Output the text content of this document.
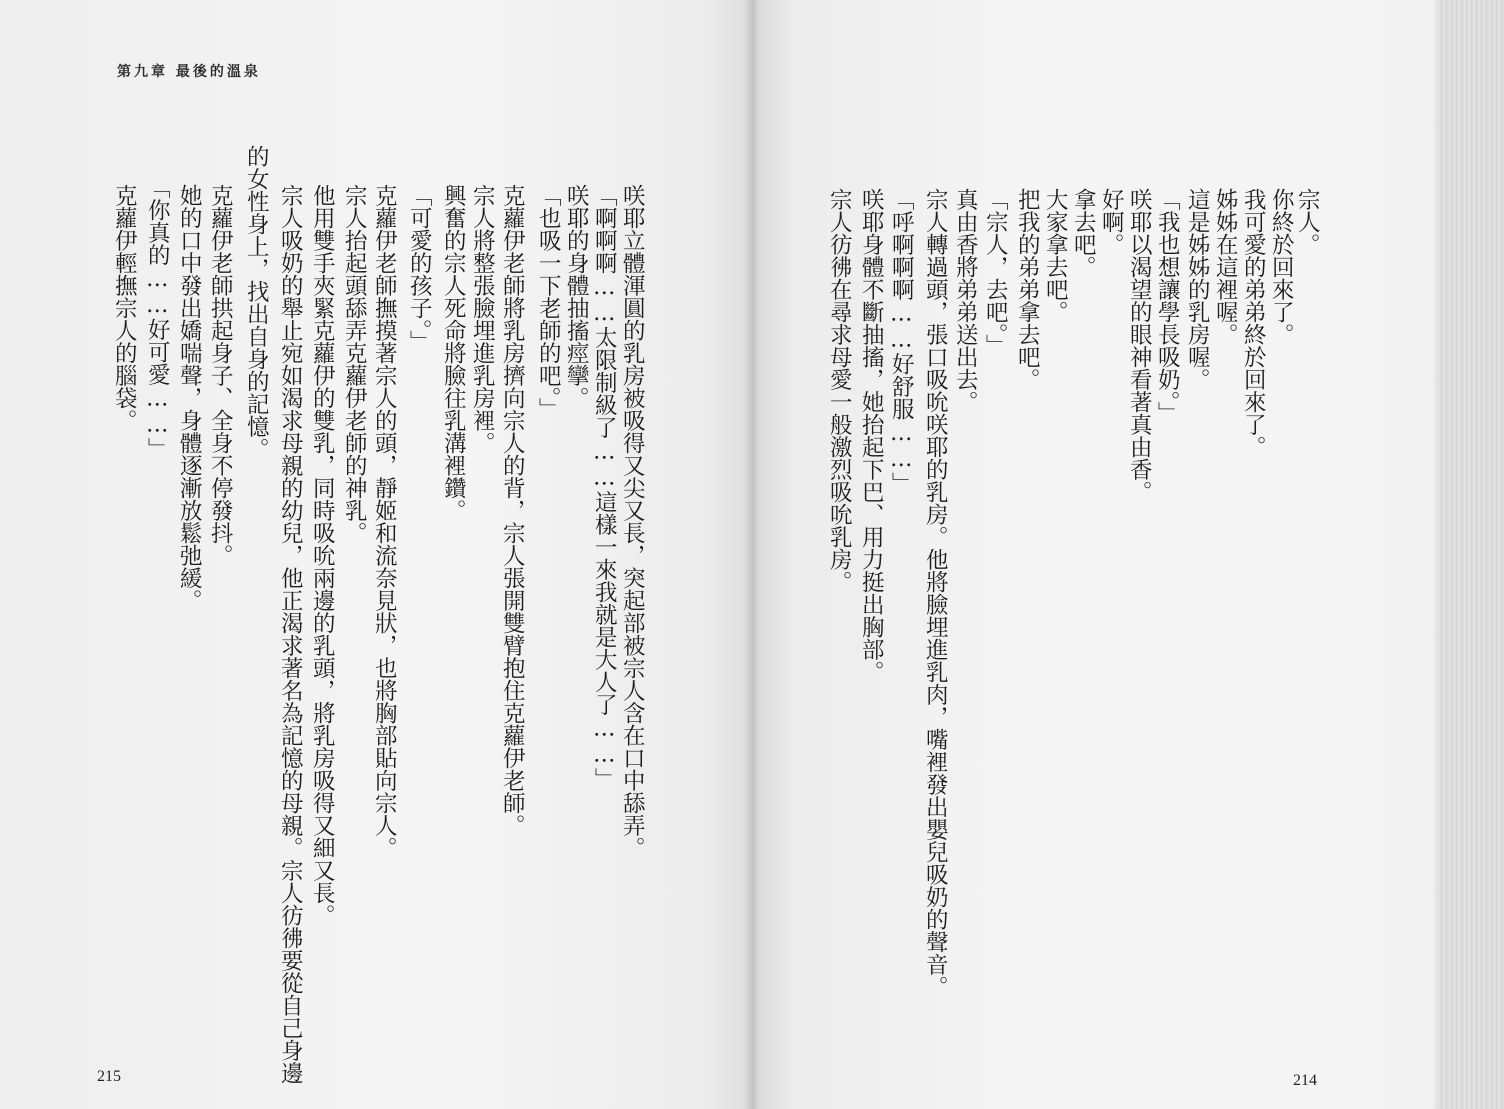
第九章 最後的溫泉
咲耶立體渾圓的乳房被吸得又尖又長，突起部被宗人含在口中舔弄。
「啊啊啊……太限制級了……這樣一來我就是大人了……」
咲耶的身體抽搐痙攣。
「也吸一下老師的吧。」
克蘿伊老師將乳房擠向宗人的背，宗人張開雙臂抱住克蘿伊老師。
宗人將整張臉埋進乳房裡。
興奮的宗人死命將臉往乳溝裡鑽。
「可愛的孩子。」
克蘿伊老師撫摸著宗人的頭，靜姬和流奈見狀，也將胸部貼向宗人。
宗人抬起頭舔弄克蘿伊老師的神乳。
他用雙手夾緊克蘿伊的雙乳，同時吸吮兩邊的乳頭，將乳房吸得又細又長。
宗人吸奶的舉止宛如渴求母親的幼兒，他正渴求著名為記憶的母親。宗人彷彿要從自己身邊
的女性身上，找出自身的記憶。
克蘿伊老師拱起身子、全身不停發抖。
她的口中發出嬌喘聲，身體逐漸放鬆弛緩。
「你真的……好可愛……」
克蘿伊輕撫宗人的腦袋。	宗人。
你終於回來了。
我可愛的弟弟終於回來了。
姊姊在這裡喔。
這是姊姊的乳房喔。
「我也想讓學長吸奶。」
咲耶以渴望的眼神看著真由香。
好啊。
拿去吧。
大家拿去吧。
把我的弟弟拿去吧。
「宗人，去吧。」
真由香將弟弟送出去。
宗人轉過頭，張口吸吮咲耶的乳房。他將臉埋進乳肉，嘴裡發出嬰兒吸奶的聲音。
「呼啊啊啊……好舒服……」
咲耶身體不斷抽搐，她抬起下巴、用力挺出胸部。
宗人彷彿在尋求母愛一般激烈吸吮乳房。
215	214
